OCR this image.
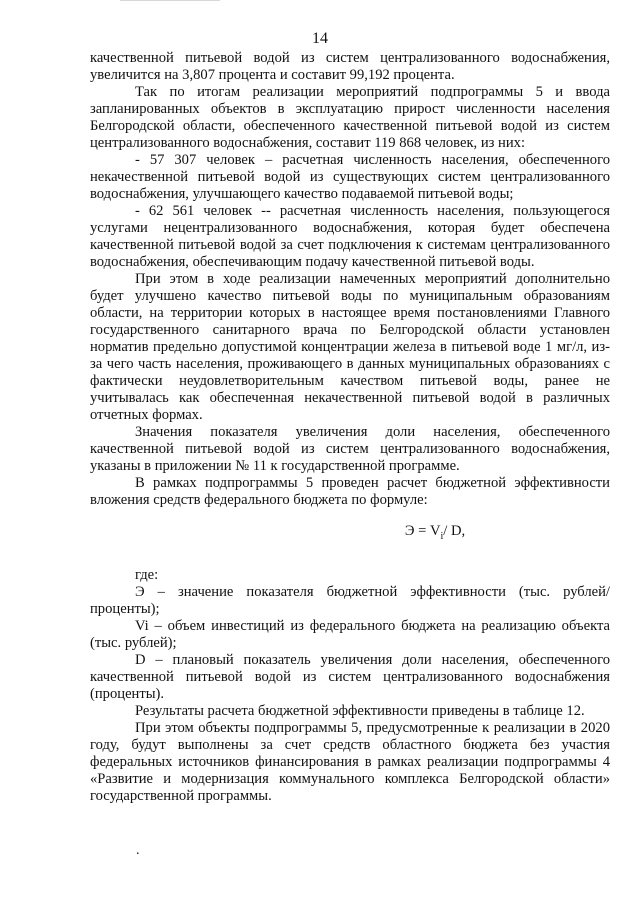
14

качественной питьевой водой из систем централизованного водоснабжения, увеличится на 3,807 процента и составит 99,192 процента.

Так по итогам реализации мероприятий подпрограммы 5 и ввода запланированных объектов в эксплуатацию прирост численности населения Белгородской области, обеспеченного качественной питьевой водой из систем централизованного водоснабжения, составит 119 868 человек, из них:

- 57 307 человек – расчетная численность населения, обеспеченного некачественной питьевой водой из существующих систем централизованного водоснабжения, улучшающего качество подаваемой питьевой воды;

- 62 561 человек -- расчетная численность населения, пользующегося услугами нецентрализованного водоснабжения, которая будет обеспечена качественной питьевой водой за счет подключения к системам централизованного водоснабжения, обеспечивающим подачу качественной питьевой воды.

При этом в ходе реализации намеченных мероприятий дополнительно будет улучшено качество питьевой воды по муниципальным образованиям области, на территории которых в настоящее время постановлениями Главного государственного санитарного врача по Белгородской области установлен норматив предельно допустимой концентрации железа в питьевой воде 1 мг/л, из-за чего часть населения, проживающего в данных муниципальных образованиях с фактически неудовлетворительным качеством питьевой воды, ранее не учитывалась как обеспеченная некачественной питьевой водой в различных отчетных формах.

Значения показателя увеличения доли населения, обеспеченного качественной питьевой водой из систем централизованного водоснабжения, указаны в приложении № 11 к государственной программе.

В рамках подпрограммы 5 проведен расчет бюджетной эффективности вложения средств федерального бюджета по формуле:

$Э = V_i/$ D,

где:

Э – значение показателя бюджетной эффективности (тыс. рублей/ проценты);

Vi – объем инвестиций из федерального бюджета на реализацию объекта (тыс. рублей);

D – плановый показатель увеличения доли населения, обеспеченного качественной питьевой водой из систем централизованного водоснабжения (проценты).

Результаты расчета бюджетной эффективности приведены в таблице 12.

При этом объекты подпрограммы 5, предусмотренные к реализации в 2020 году, будут выполнены за счет средств областного бюджета без участия федеральных источников финансирования в рамках реализации подпрограммы 4 «Развитие и модернизация коммунального комплекса Белгородской области» государственной программы.

.
